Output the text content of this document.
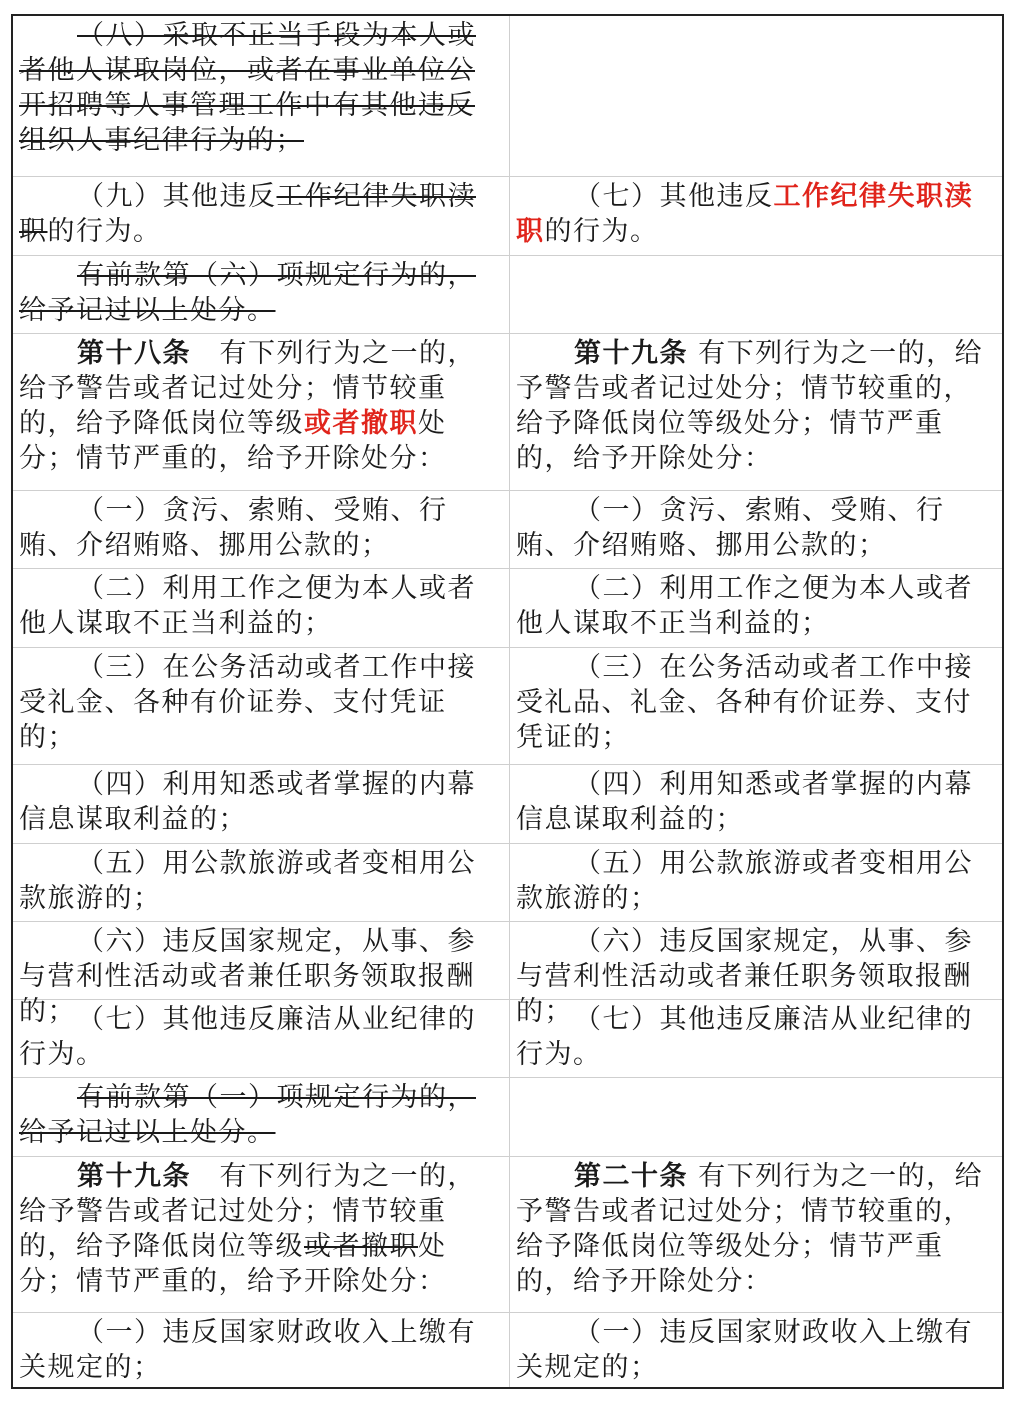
（八）采取不正当手段为本人或者他人谋取岗位，或者在事业单位公开招聘等人事管理工作中有其他违反组织人事纪律行为的；

（九）其他违反工作纪律失职渎职的行为。

（七）其他违反工作纪律失职渎职的行为。

有前款第（六）项规定行为的，给予记过以上处分。

第十八条　有下列行为之一的，给予警告或者记过处分；情节较重的，给予降低岗位等级或者撤职处分；情节严重的，给予开除处分：

第十九条 有下列行为之一的，给予警告或者记过处分；情节较重的，给予降低岗位等级处分；情节严重的，给予开除处分：

（一）贪污、索贿、受贿、行贿、介绍贿赂、挪用公款的；

（一）贪污、索贿、受贿、行贿、介绍贿赂、挪用公款的；

（二）利用工作之便为本人或者他人谋取不正当利益的；

（二）利用工作之便为本人或者他人谋取不正当利益的；

（三）在公务活动或者工作中接受礼金、各种有价证券、支付凭证的；

（三）在公务活动或者工作中接受礼品、礼金、各种有价证券、支付凭证的；

（四）利用知悉或者掌握的内幕信息谋取利益的；

（四）利用知悉或者掌握的内幕信息谋取利益的；

（五）用公款旅游或者变相用公款旅游的；

（五）用公款旅游或者变相用公款旅游的；

（六）违反国家规定，从事、参与营利性活动或者兼任职务领取报酬的；

（六）违反国家规定，从事、参与营利性活动或者兼任职务领取报酬的；

（七）其他违反廉洁从业纪律的行为。

（七）其他违反廉洁从业纪律的行为。

有前款第（一）项规定行为的，给予记过以上处分。

第十九条　有下列行为之一的，给予警告或者记过处分；情节较重的，给予降低岗位等级或者撤职处分；情节严重的，给予开除处分：

第二十条 有下列行为之一的，给予警告或者记过处分；情节较重的，给予降低岗位等级处分；情节严重的，给予开除处分：

（一）违反国家财政收入上缴有关规定的；

（一）违反国家财政收入上缴有关规定的；
